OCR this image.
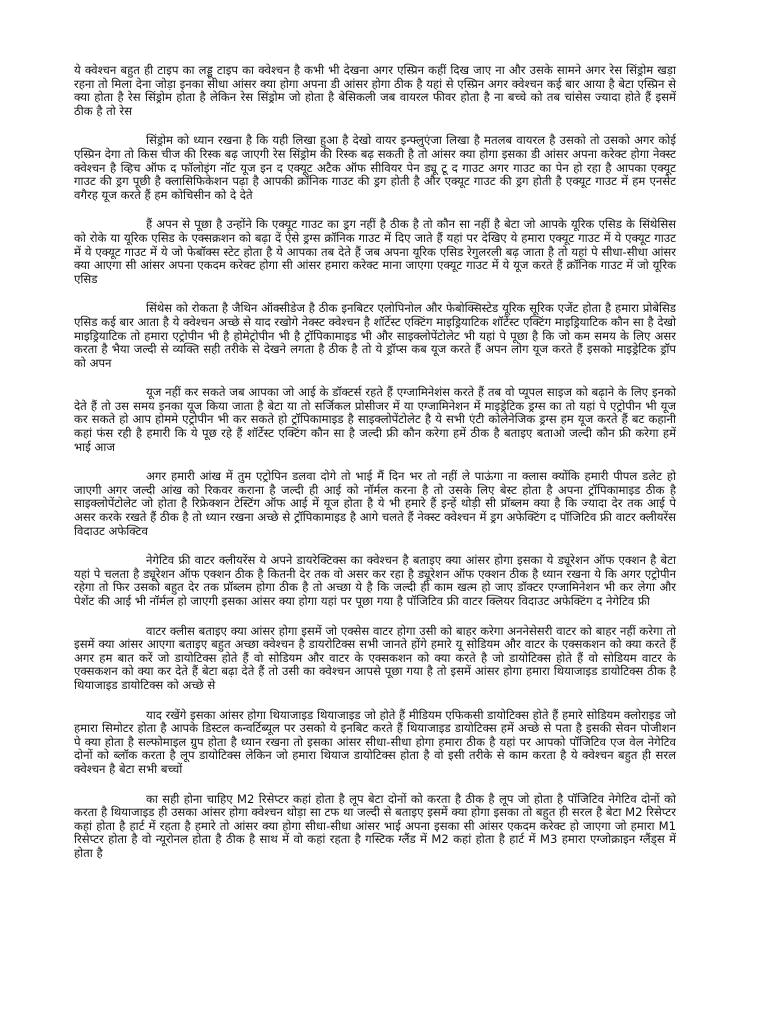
ये क्वेश्चन बहुत ही टाइप का लड्डू टाइप का क्वेश्चन है कभी भी देखना अगर एस्प्रिन कहीं दिख जाए ना और उसके सामने अगर रेस सिंड्रोम खड़ा रहना तो मिला देना जोड़ा इनका सीधा आंसर क्या होगा अपना डी आंसर होगा ठीक है यहां से एस्प्रिन अगर क्वेश्चन कई बार आया है बेटा एस्प्रिन से क्या होता है रेस सिंड्रोम होता है लेकिन रेस सिंड्रोम जो होता है बेसिकली जब वायरल फीवर होता है ना बच्चे को तब चांसेस ज्यादा होते हैं इसमें ठीक है तो रेस

सिंड्रोम को ध्यान रखना है कि यही लिखा हुआ है देखो वायर इन्फ्लुएंजा लिखा है मतलब वायरल है उसको तो उसको अगर कोई एस्प्रिन देगा तो किस चीज की रिस्क बढ़ जाएगी रेस सिंड्रोम की रिस्क बढ़ सकती है तो आंसर क्या होगा इसका डी आंसर अपना करेक्ट होगा नेक्स्ट क्वेश्चन है व्हिच ऑफ द फॉलोइंग नॉट यूज इन द एक्यूट अटैक ऑफ सीवियर पेन ड्यू टू द गाउट अगर गाउट का पेन हो रहा है आपका एक्यूट गाउट की ड्रग पूछी है क्लासिफिकेशन पढ़ा है आपकी क्रॉनिक गाउट की ड्रग होती है और एक्यूट गाउट की ड्रग होती है एक्यूट गाउट में हम एनसेट वगैरह यूज करते हैं हम कोचिसीन को दे देते

हैं अपन से पूछा है उन्होंने कि एक्यूट गाउट का ड्रग नहीं है ठीक है तो कौन सा नहीं है बेटा जो आपके यूरिक एसिड के सिंथेसिस को रोके या यूरिक एसिड के एक्सक्रशन को बढ़ा दें ऐसे ड्रग्स क्रॉनिक गाउट में दिए जाते हैं यहां पर देखिए ये हमारा एक्यूट गाउट में ये एक्यूट गाउट में ये एक्यूट गाउट में ये जो फेबॉक्स स्टेट होता है ये आपका तब देते हैं जब अपना यूरिक एसिड रेगुलरली बढ़ जाता है तो यहां पे सीधा-सीधा आंसर क्या आएगा सी आंसर अपना एकदम करेक्ट होगा सी आंसर हमारा करेक्ट माना जाएगा एक्यूट गाउट में ये यूज करते हैं क्रॉनिक गाउट में जो यूरिक एसिड

सिंथेस को रोकता है जैथिन ऑक्सीडेज है ठीक इनबिटर एलोपिनोल और फेबोक्सिस्टेड यूरिक सूरिक एजेंट होता है हमारा प्रोबेसिड एसिड कई बार आता है ये क्वेश्चन अच्छे से याद रखोगे नेक्स्ट क्वेश्चन है शॉर्टेस्ट एक्टिंग माइड्रियाटिक शॉर्टेस्ट एक्टिंग माइड्रियाटिक कौन सा है देखो माइड्रियाटिक तो हमारा एट्रोपीन भी है होमेट्रोपीन भी है ट्रॉपिकामाइड भी और साइक्लोपेंटोलेट भी यहां पे पूछा है कि जो कम समय के लिए असर करता है भैया जल्दी से व्यक्ति सही तरीके से देखने लगता है ठीक है तो ये ड्रॉप्स कब यूज करते हैं अपन लोग यूज करते हैं इसको माइड्रेटिक ड्रॉप को अपन

यूज नहीं कर सकते जब आपका जो आई के डॉक्टर्स रहते हैं एग्जामिनेशंस करते हैं तब वो प्यूपल साइज को बढ़ाने के लिए इनको देते हैं तो उस समय इनका यूज किया जाता है बेटा या तो सर्जिकल प्रोसीजर में या एग्जामिनेशन में माइड्रेटिक ड्रग्स का तो यहां पे एट्रोपीन भी यूज कर सकते हो आप होममे एट्रोपीन भी कर सकते हो ट्रॉपिकामाइड है साइक्लोपेंटोलेट है ये सभी एंटी कोलेनेजिक ड्रग्स हम यूज करते हैं बट कहानी कहां फंस रही है हमारी कि ये पूछ रहे हैं शॉर्टेस्ट एक्टिंग कौन सा है जल्दी फ्री कौन करेगा हमें ठीक है बताइए बताओ जल्दी कौन फ्री करेगा हमें भाई आज

अगर हमारी आंख में तुम एट्रोपिन डलवा दोगे तो भाई मैं दिन भर तो नहीं ले पाऊंगा ना क्लास क्योंकि हमारी पीपल डलेट हो जाएगी अगर जल्दी आंख को रिकवर कराना है जल्दी ही आई को नॉर्मल करना है तो उसके लिए बेस्ट होता है अपना ट्रॉपिकामाइड ठीक है साइक्लोपेंटोलेट जो होता है रिफ्रेक्शन टेस्टिंग ऑफ आई में यूज होता है ये भी हमारे हैं इन्हें थोड़ी सी प्रॉब्लम क्या है कि ज्यादा देर तक आई पे असर करके रखते हैं ठीक है तो ध्यान रखना अच्छे से ट्रॉपिकामाइड है आगे चलते हैं नेक्स्ट क्वेश्चन में ड्रग अफेक्टिंग द पॉजिटिव फ्री वाटर क्लीयरेंस विदाउट अफेक्टिव

नेगेटिव फ्री वाटर क्लीयरेंस ये अपने डायरेक्टिक्स का क्वेश्चन है बताइए क्या आंसर होगा इसका ये ड्यूरेशन ऑफ एक्शन है बेटा यहां पे चलता है ड्यूरेशन ऑफ एक्शन ठीक है कितनी देर तक वो असर कर रहा है ड्यूरेशन ऑफ एक्शन ठीक है ध्यान रखना ये कि अगर एट्रोपीन रहेगा तो फिर उसको बहुत देर तक प्रॉब्लम होगा ठीक है तो अच्छा ये है कि जल्दी ही काम खत्म हो जाए डॉक्टर एग्जामिनेशन भी कर लेगा और पेशेंट की आई भी नॉर्मल हो जाएगी इसका आंसर क्या होगा यहां पर पूछा गया है पॉजिटिव फ्री वाटर क्लियर विदाउट अफेक्टिंग द नेगेटिव फ्री

वाटर क्लीस बताइए क्या आंसर होगा इसमें जो एक्सेस वाटर होगा उसी को बाहर करेगा अननेसेसरी वाटर को बाहर नहीं करेगा तो इसमें क्या आंसर आएगा बताइए बहुत अच्छा क्वेश्चन है डायरोटिक्स सभी जानते होंगे हमारे यू सोडियम और वाटर के एक्सकशन को क्या करते हैं अगर हम बात करें जो डायोटिक्स होते हैं वो सोडियम और वाटर के एक्सकशन को क्या करते है जो डायोटिक्स होते हैं वो सोडियम वाटर के एक्सकशन को क्या कर देते हैं बेटा बढ़ा देते हैं तो उसी का क्वेश्चन आपसे पूछा गया है तो इसमें आंसर होगा हमारा थियाजाइड डायोटिक्स ठीक है थियाजाइड डायोटिक्स को अच्छे से

याद रखेंगे इसका आंसर होगा थियाजाइड थियाजाइड जो होते हैं मीडियम एफिकसी डायोटिक्स होते हैं हमारे सोडियम क्लोराइड जो हमारा सिमोटर होता है आपके डिस्टल कन्वर्टिब्यूल पर उसको ये इनबिट करते हैं थियाजाइड डायोटिक्स हमें अच्छे से पता है इसकी सेवन पोजीशन पे क्या होता है सल्फोमाइल ग्रुप होता है ध्यान रखना तो इसका आंसर सीधा-सीधा होगा हमारा ठीक है यहां पर आपको पॉजिटिव एज वेल नेगेटिव दोनों को ब्लॉक करता है लूप डायोटिक्स लेकिन जो हमारा थियाज डायोटिक्स होता है वो इसी तरीके से काम करता है ये क्वेश्चन बहुत ही सरल क्वेश्चन है बेटा सभी बच्चों

का सही होना चाहिए M2 रिसेप्टर कहां होता है लूप बेटा दोनों को करता है ठीक है लूप जो होता है पॉजिटिव नेगेटिव दोनों को करता है थियाजाइड ही उसका आंसर होगा क्वेश्चन थोड़ा सा टफ था जल्दी से बताइए इसमें क्या होगा इसका तो बहुत ही सरल है बेटा M2 रिसेप्टर कहां होता है हार्ट में रहता है हमारे तो आंसर क्या होगा सीधा-सीधा आंसर भाई अपना इसका सी आंसर एकदम करेक्ट हो जाएगा जो हमारा M1 रिसेप्टर होता है वो न्यूरोनल होता है ठीक है साथ में वो कहां रहता है गस्टिक ग्लैंड में M2 कहां होता है हार्ट में M3 हमारा एग्जोक्राइन ग्लैंड्स में होता है
